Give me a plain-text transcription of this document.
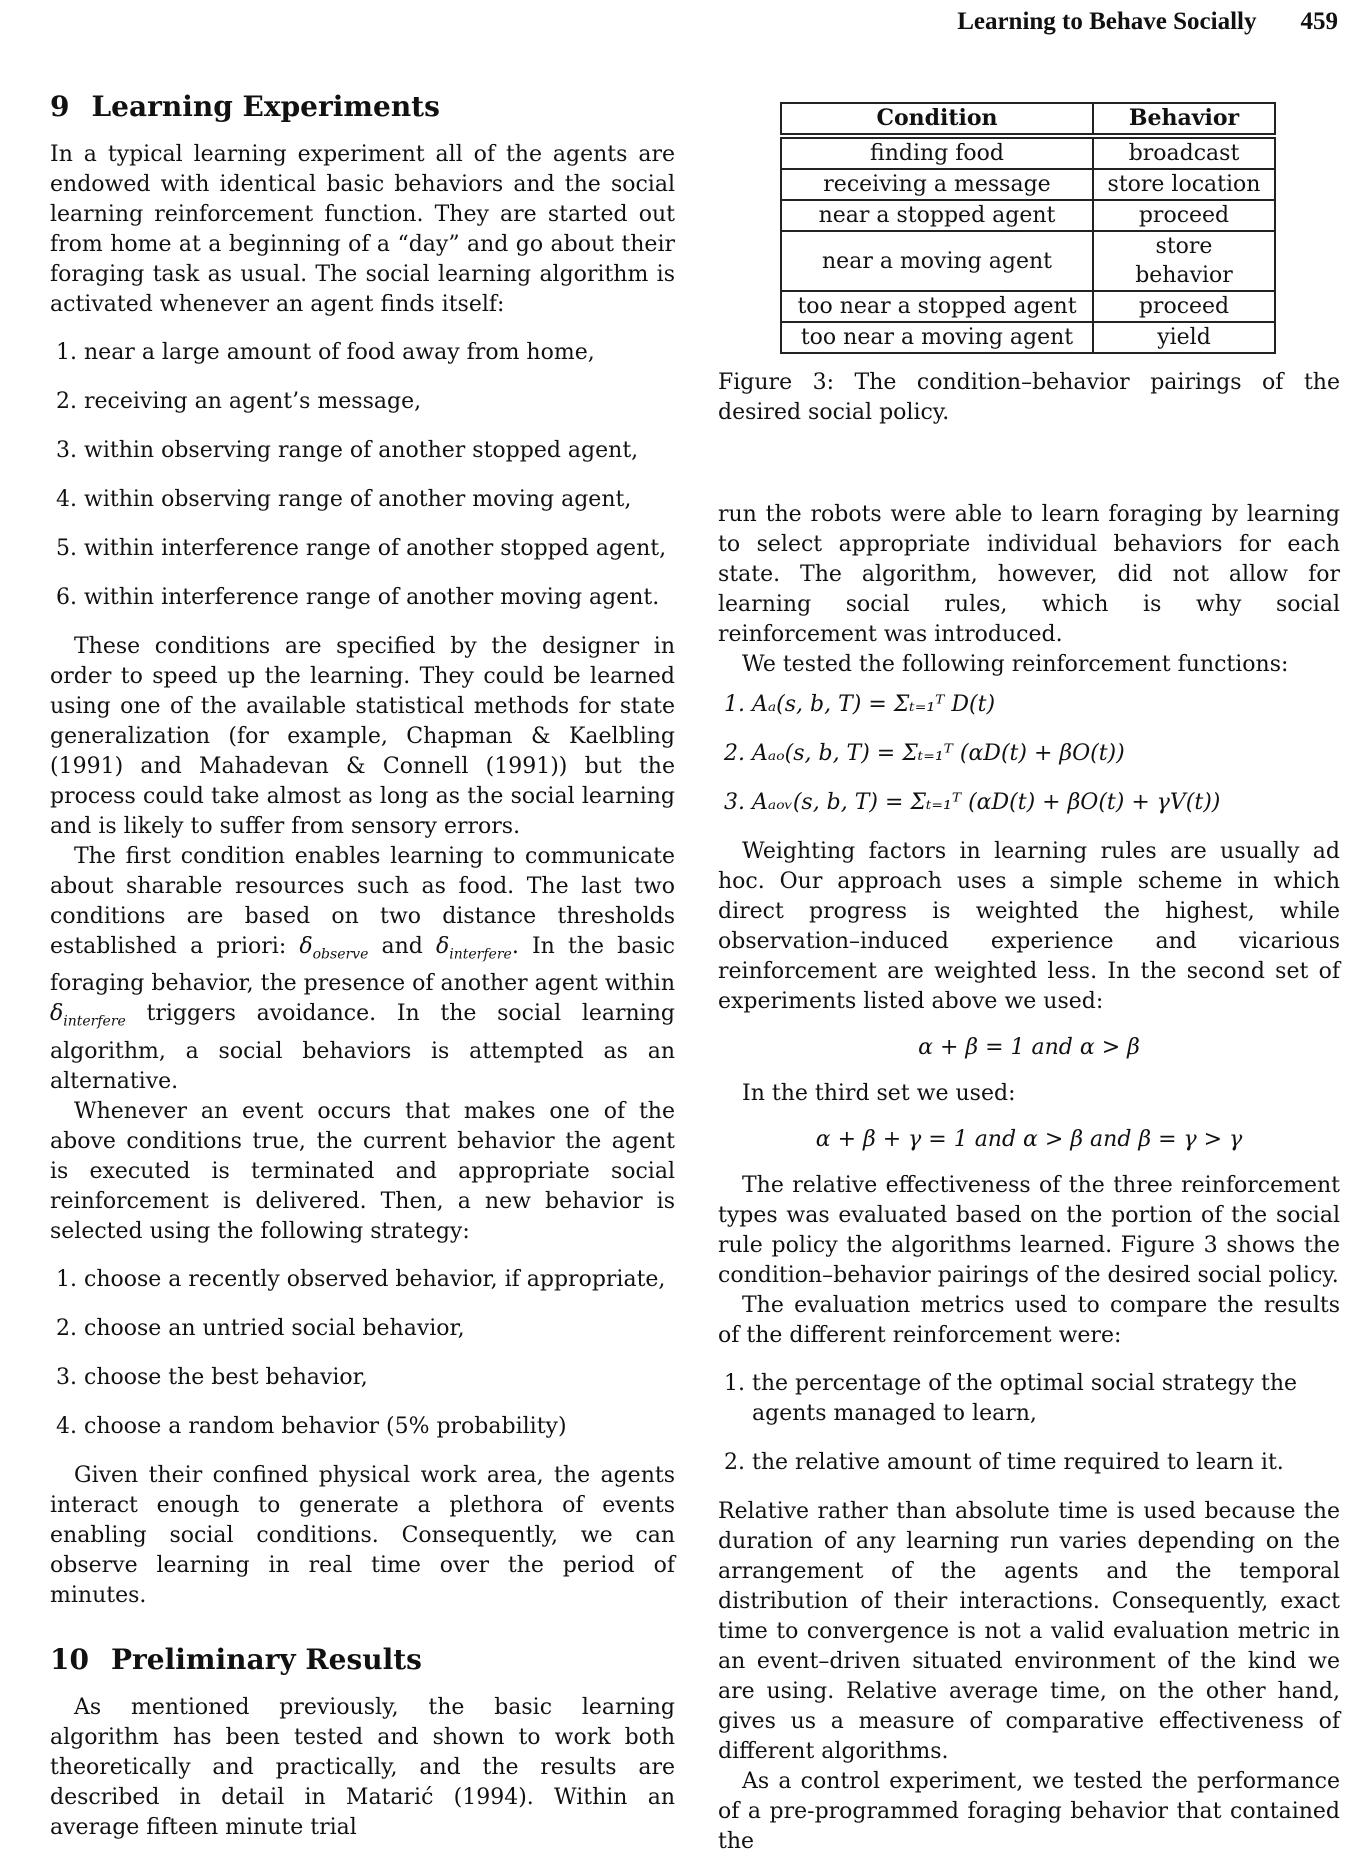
Learning to Behave Socially 459
9 Learning Experiments

In a typical learning experiment all of the agents are endowed with identical basic behaviors and the social learning reinforcement function. They are started out from home at a beginning of a “day” and go about their foraging task as usual. The social learning algorithm is activated whenever an agent finds itself:

1. near a large amount of food away from home,
2. receiving an agent’s message,
3. within observing range of another stopped agent,
4. within observing range of another moving agent,
5. within interference range of another stopped agent,
6. within interference range of another moving agent.

These conditions are specified by the designer in order to speed up the learning. They could be learned using one of the available statistical methods for state generalization (for example, Chapman & Kaelbling (1991) and Mahadevan & Connell (1991)) but the process could take almost as long as the social learning and is likely to suffer from sensory errors.

The first condition enables learning to communicate about sharable resources such as food. The last two conditions are based on two distance thresholds established a priori: $\delta_{observe}$ and $\delta_{interfere}$. In the basic foraging behavior, the presence of another agent within $\delta_{interfere}$ triggers avoidance. In the social learning algorithm, a social behaviors is attempted as an alternative.

Whenever an event occurs that makes one of the above conditions true, the current behavior the agent is executed is terminated and appropriate social reinforcement is delivered. Then, a new behavior is selected using the following strategy:

1. choose a recently observed behavior, if appropriate,
2. choose an untried social behavior,
3. choose the best behavior,
4. choose a random behavior (5% probability)

Given their confined physical work area, the agents interact enough to generate a plethora of events enabling social conditions. Consequently, we can observe learning in real time over the period of minutes.

10 Preliminary Results

As mentioned previously, the basic learning algorithm has been tested and shown to work both theoretically and practically, and the results are described in detail in Matarić (1994). Within an average fifteen minute trial

Condition	Behavior
finding food	broadcast
receiving a message	store location
near a stopped agent	proceed
near a moving agent	store behavior
too near a stopped agent	proceed
too near a moving agent	yield

Figure 3: The condition–behavior pairings of the desired social policy.

run the robots were able to learn foraging by learning to select appropriate individual behaviors for each state. The algorithm, however, did not allow for learning social rules, which is why social reinforcement was introduced.

We tested the following reinforcement functions:

1. Aₐ(s, b, T) = Σₜ₌₁ᵀ D(t)
2. Aₐₒ(s, b, T) = Σₜ₌₁ᵀ (αD(t) + βO(t))
3. Aₐₒᵥ(s, b, T) = Σₜ₌₁ᵀ (αD(t) + βO(t) + γV(t))

Weighting factors in learning rules are usually ad hoc. Our approach uses a simple scheme in which direct progress is weighted the highest, while observation–induced experience and vicarious reinforcement are weighted less. In the second set of experiments listed above we used:

α + β = 1 and α > β

In the third set we used:

α + β + γ = 1 and α > β and β = γ > γ

The relative effectiveness of the three reinforcement types was evaluated based on the portion of the social rule policy the algorithms learned. Figure 3 shows the condition–behavior pairings of the desired social policy.

The evaluation metrics used to compare the results of the different reinforcement were:

1. the percentage of the optimal social strategy the agents managed to learn,
2. the relative amount of time required to learn it.

Relative rather than absolute time is used because the duration of any learning run varies depending on the arrangement of the agents and the temporal distribution of their interactions. Consequently, exact time to convergence is not a valid evaluation metric in an event–driven situated environment of the kind we are using. Relative average time, on the other hand, gives us a measure of comparative effectiveness of different algorithms.

As a control experiment, we tested the performance of a pre-programmed foraging behavior that contained the
